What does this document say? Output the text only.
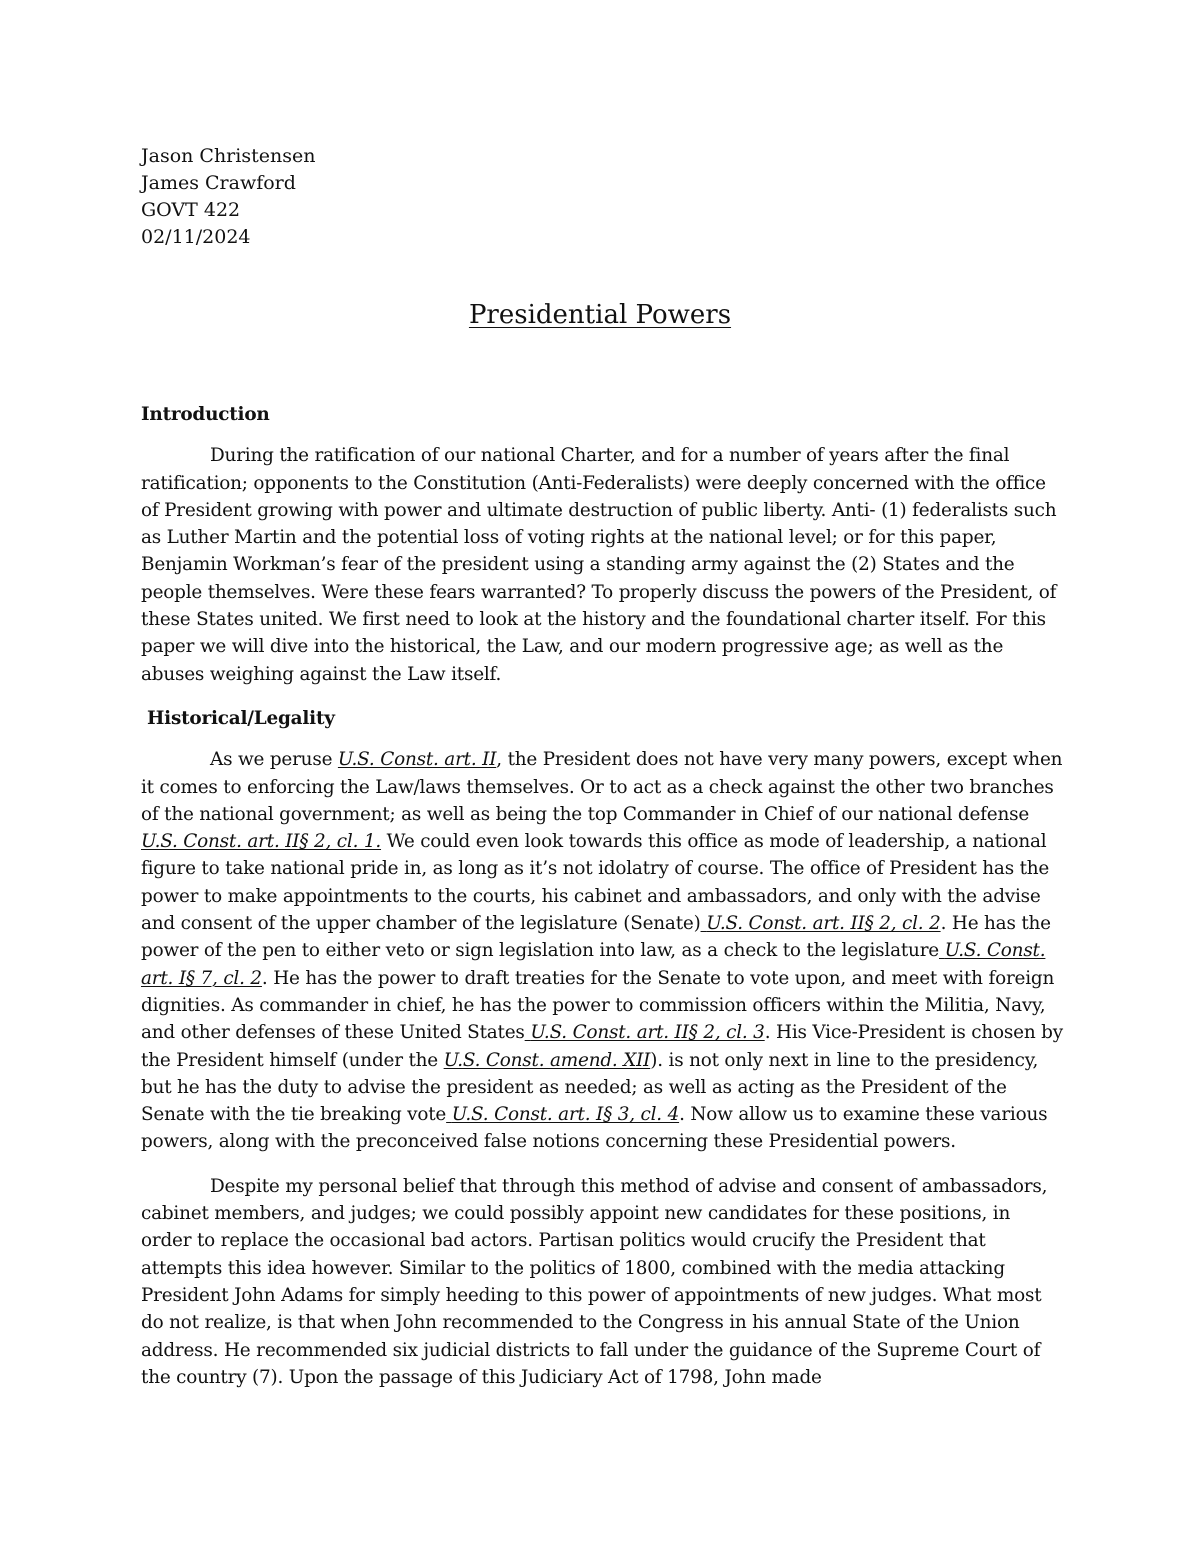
Jason Christensen
James Crawford
GOVT 422
02/11/2024
Presidential Powers
Introduction

During the ratification of our national Charter, and for a number of years after the final ratification; opponents to the Constitution (Anti-Federalists) were deeply concerned with the office of President growing with power and ultimate destruction of public liberty. Anti- (1) federalists such as Luther Martin and the potential loss of voting rights at the national level; or for this paper, Benjamin Workman’s fear of the president using a standing army against the (2) States and the people themselves. Were these fears warranted? To properly discuss the powers of the President, of these States united. We first need to look at the history and the foundational charter itself. For this paper we will dive into the historical, the Law, and our modern progressive age; as well as the abuses weighing against the Law itself.

Historical/Legality

As we peruse U.S. Const. art. II, the President does not have very many powers, except when it comes to enforcing the Law/laws themselves. Or to act as a check against the other two branches of the national government; as well as being the top Commander in Chief of our national defense U.S. Const. art. II§ 2, cl. 1. We could even look towards this office as mode of leadership, a national figure to take national pride in, as long as it’s not idolatry of course. The office of President has the power to make appointments to the courts, his cabinet and ambassadors, and only with the advise and consent of the upper chamber of the legislature (Senate) U.S. Const. art. II§ 2, cl. 2. He has the power of the pen to either veto or sign legislation into law, as a check to the legislature U.S. Const. art. I§ 7, cl. 2. He has the power to draft treaties for the Senate to vote upon, and meet with foreign dignities. As commander in chief, he has the power to commission officers within the Militia, Navy, and other defenses of these United States U.S. Const. art. II§ 2, cl. 3. His Vice-President is chosen by the President himself (under the U.S. Const. amend. XII). is not only next in line to the presidency, but he has the duty to advise the president as needed; as well as acting as the President of the Senate with the tie breaking vote U.S. Const. art. I§ 3, cl. 4. Now allow us to examine these various powers, along with the preconceived false notions concerning these Presidential powers.

Despite my personal belief that through this method of advise and consent of ambassadors, cabinet members, and judges; we could possibly appoint new candidates for these positions, in order to replace the occasional bad actors. Partisan politics would crucify the President that attempts this idea however. Similar to the politics of 1800, combined with the media attacking President John Adams for simply heeding to this power of appointments of new judges. What most do not realize, is that when John recommended to the Congress in his annual State of the Union address. He recommended six judicial districts to fall under the guidance of the Supreme Court of the country (7). Upon the passage of this Judiciary Act of 1798, John made
